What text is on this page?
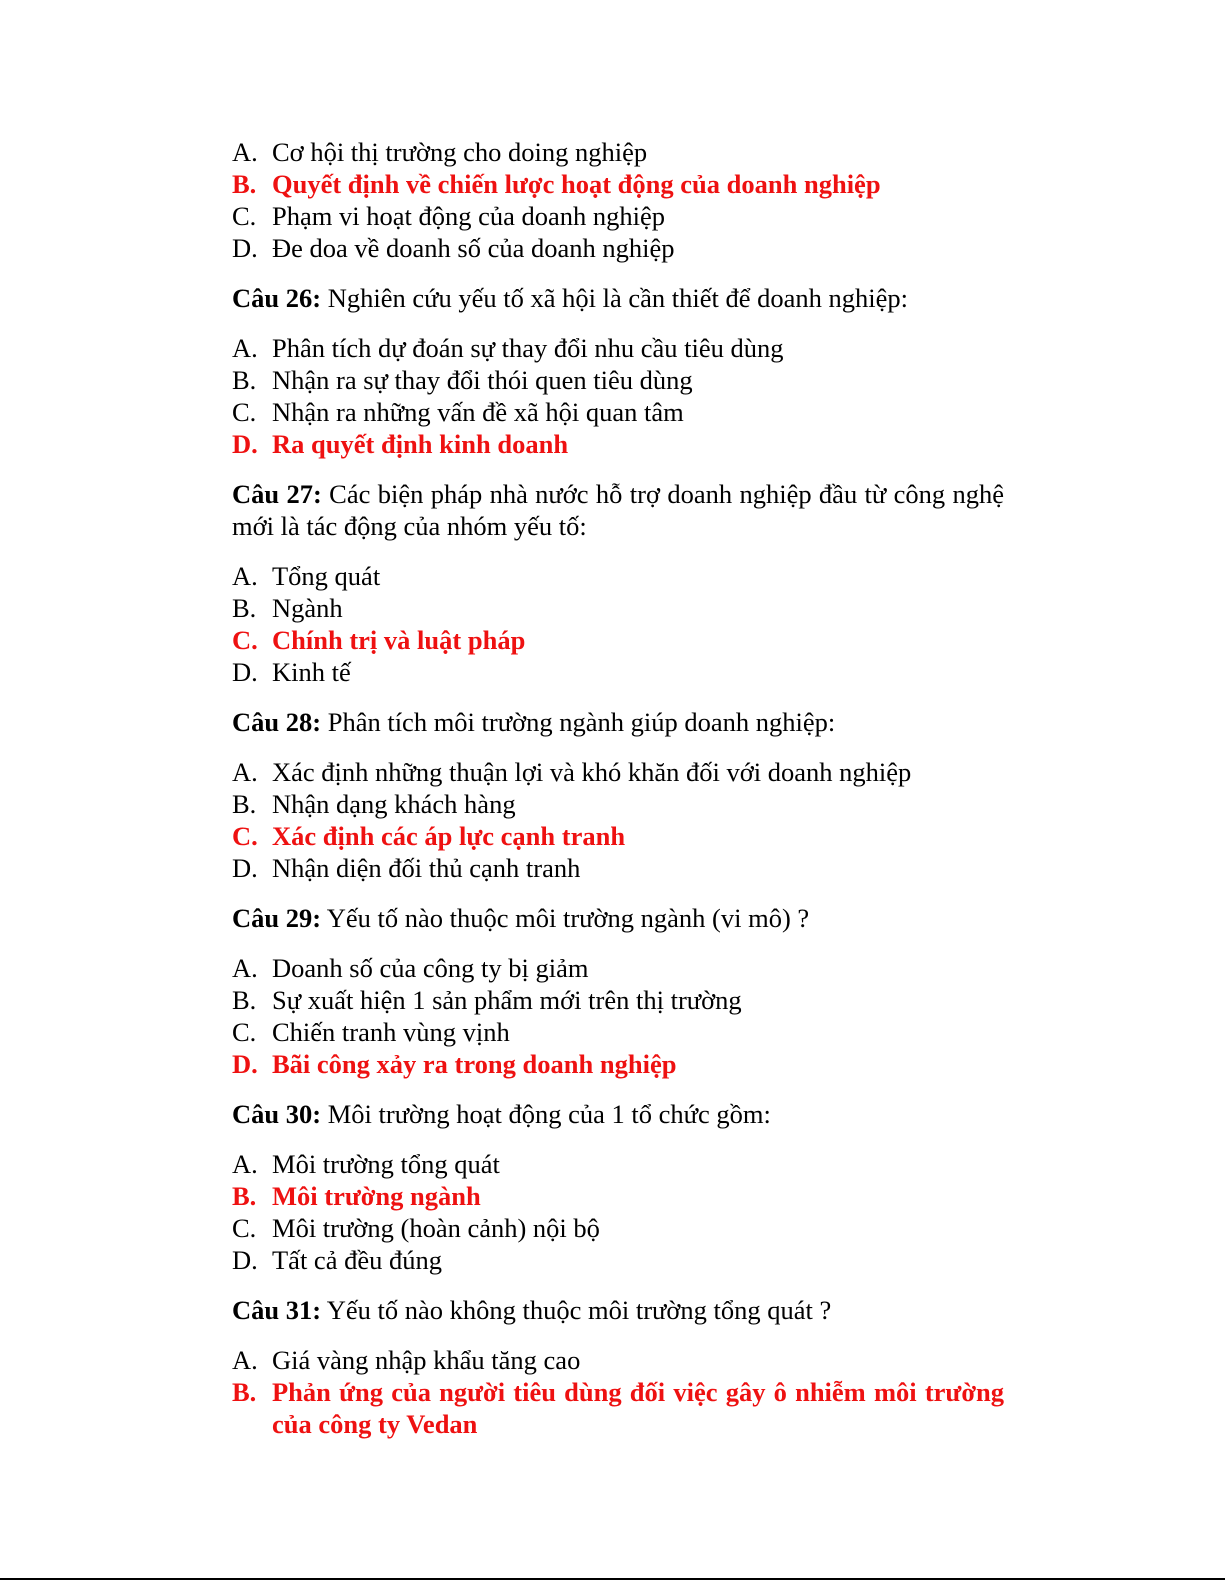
A. Cơ hội thị trường cho doing nghiệp
B. Quyết định về chiến lược hoạt động của doanh nghiệp
C. Phạm vi hoạt động của doanh nghiệp
D. Đe doa về doanh số của doanh nghiệp
Câu 26: Nghiên cứu yếu tố xã hội là cần thiết để doanh nghiệp:
A. Phân tích dự đoán sự thay đổi nhu cầu tiêu dùng
B. Nhận ra sự thay đổi thói quen tiêu dùng
C. Nhận ra những vấn đề xã hội quan tâm
D. Ra quyết định kinh doanh
Câu 27: Các biện pháp nhà nước hỗ trợ doanh nghiệp đầu từ công nghệ mới là tác động của nhóm yếu tố:
A. Tổng quát
B. Ngành
C. Chính trị và luật pháp
D. Kinh tế
Câu 28: Phân tích môi trường ngành giúp doanh nghiệp:
A. Xác định những thuận lợi và khó khăn đối với doanh nghiệp
B. Nhận dạng khách hàng
C. Xác định các áp lực cạnh tranh
D. Nhận diện đối thủ cạnh tranh
Câu 29: Yếu tố nào thuộc môi trường ngành (vi mô) ?
A. Doanh số của công ty bị giảm
B. Sự xuất hiện 1 sản phẩm mới trên thị trường
C. Chiến tranh vùng vịnh
D. Bãi công xảy ra trong doanh nghiệp
Câu 30: Môi trường hoạt động của 1 tổ chức gồm:
A. Môi trường tổng quát
B. Môi trường ngành
C. Môi trường (hoàn cảnh) nội bộ
D. Tất cả đều đúng
Câu 31: Yếu tố nào không thuộc môi trường tổng quát ?
A. Giá vàng nhập khẩu tăng cao
B. Phản ứng của người tiêu dùng đối việc gây ô nhiễm môi trường của công ty Vedan
